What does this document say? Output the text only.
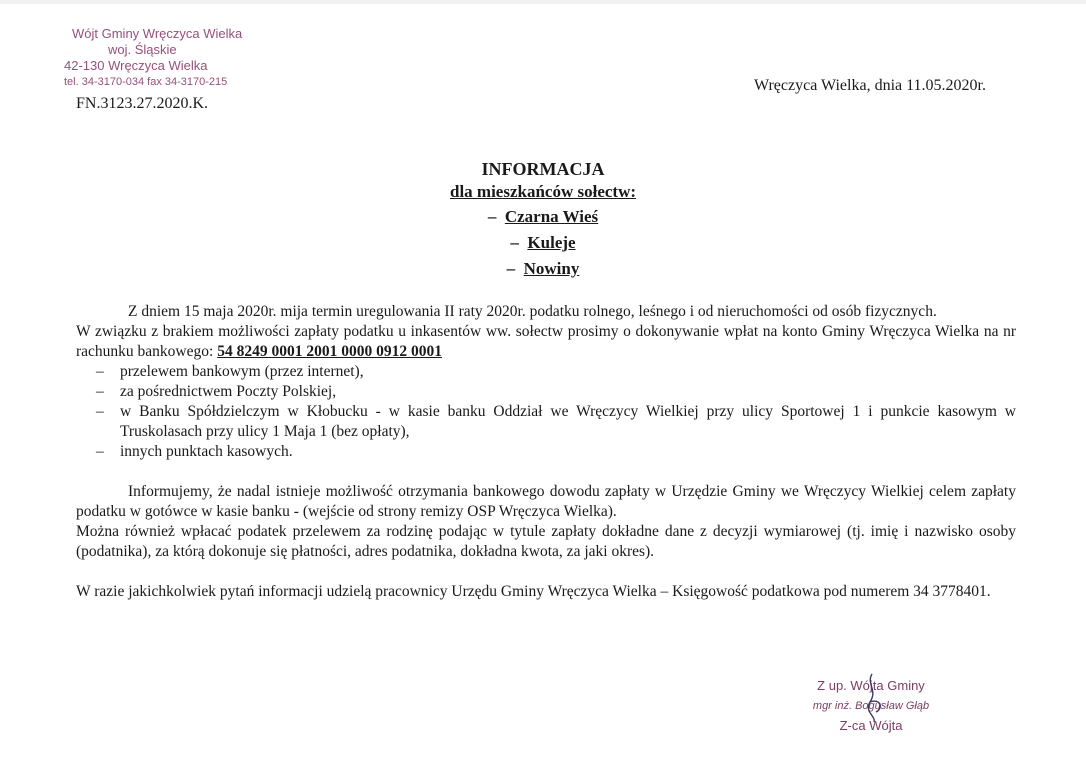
Wójt Gminy Wręczyca Wielka
woj. Śląskie
42-130 Wręczyca Wielka
tel. 34-3170-034 fax 34-3170-215
FN.3123.27.2020.K.
Wręczyca Wielka, dnia 11.05.2020r.
INFORMACJA
dla mieszkańców sołectw:
– Czarna Wieś
– Kuleje
– Nowiny

Z dniem 15 maja 2020r. mija termin uregulowania II raty 2020r. podatku rolnego, leśnego i od nieruchomości od osób fizycznych.

W związku z brakiem możliwości zapłaty podatku u inkasentów ww. sołectw prosimy o dokonywanie wpłat na konto Gminy Wręczyca Wielka na nr rachunku bankowego: 54 8249 0001 2001 0000 0912 0001

– przelewem bankowym (przez internet),
– za pośrednictwem Poczty Polskiej,
– w Banku Spółdzielczym w Kłobucku - w kasie banku Oddział we Wręczycy Wielkiej przy ulicy Sportowej 1 i punkcie kasowym w Truskolasach przy ulicy 1 Maja 1 (bez opłaty),
– innych punktach kasowych.

Informujemy, że nadal istnieje możliwość otrzymania bankowego dowodu zapłaty w Urzędzie Gminy we Wręczycy Wielkiej celem zapłaty podatku w gotówce w kasie banku - (wejście od strony remizy OSP Wręczyca Wielka).

Można również wpłacać podatek przelewem za rodzinę podając w tytule zapłaty dokładne dane z decyzji wymiarowej (tj. imię i nazwisko osoby (podatnika), za którą dokonuje się płatności, adres podatnika, dokładna kwota, za jaki okres).

W razie jakichkolwiek pytań informacji udzielą pracownicy Urzędu Gminy Wręczyca Wielka – Księgowość podatkowa pod numerem 34 3778401.

Z up. Wójta Gminy
mgr inż. Bogusław Głąb
Z-ca Wójta
